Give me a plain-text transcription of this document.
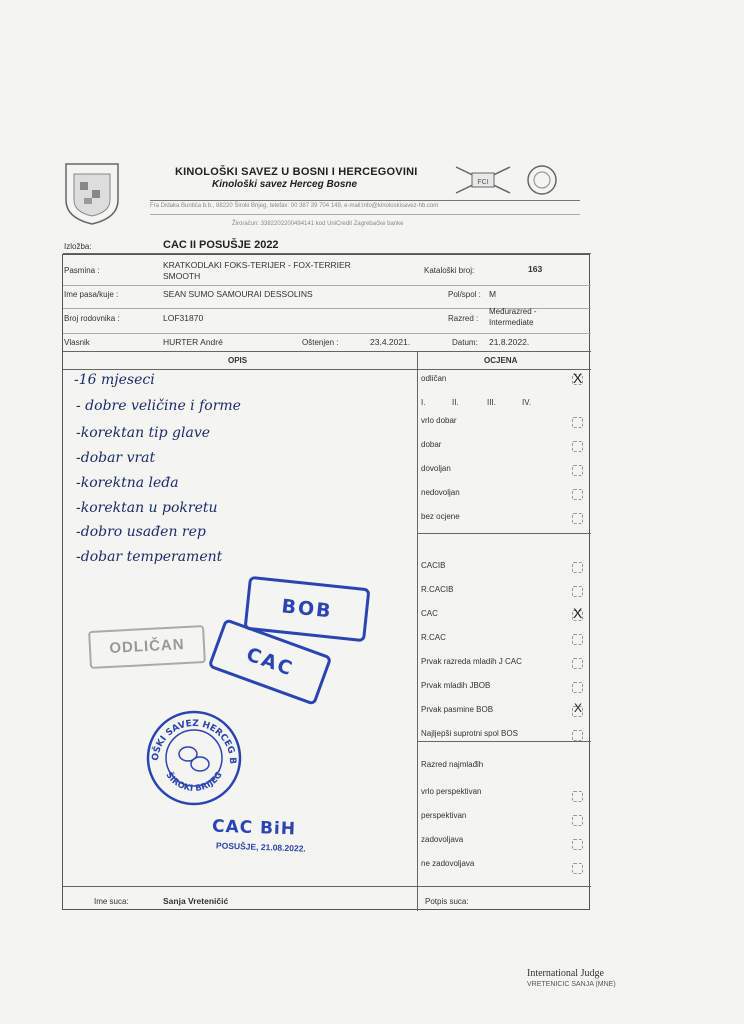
FCI
KINOLOŠKI SAVEZ U BOSNI I HERCEGOVINI
Kinološki savez Herceg Bosne
Fra Didaka Buntića b.b., 88220 Široki Brijeg, telefax: 00 387 39 704 149, e-mail:info@kinoloskisavez-hb.com
Žiroračun: 3382202200494141 kod UniCredit Zagrebačke banke
Izložba:	CAC II POSUŠJE 2022
Pasmina :
KRATKODLAKI FOKS-TERIJER - FOX-TERRIER
SMOOTH
Kataloški broj:	163
Ime pasa/kuje :	SEAN SUMO SAMOURAI DESSOLINS	Pol/spol : M
Broj rodovnika :	LOF31870	Razred :
Međurazred -
Intermediate
Vlasnik	HURTER André	Oštenjen :	23.4.2021.	Datum: 21.8.2022.
OPIS	OCJENA
-16 mjeseci
- dobre veličine i forme
-korektan tip glave
-dobar vrat
-korektna leđa
-korektan u pokretu
-dobro usađen rep
-dobar temperament
odličan	X
I.	II.	III.	IV.
vrlo dobar
dobar
dovoljan
nedovoljan
bez ocjene
CACIB
R.CACIB
CAC	X
R.CAC
Prvak razreda mladih J CAC
Prvak mladih JBOB
Prvak pasmine BOB	X
Najljepši suprotni spol BOS
Razred najmlađih
vrlo perspektivan
perspektivan
zadovoljava
ne zadovoljava
BOB
CAC
ODLIČAN
OŠKI SAVEZ HERCEG B
ŠIROKI BRIJEG
CAC BiH
POSUŠJE, 21.08.2022.
Ime suca:	Sanja Vreteničić	Potpis suca:
International Judge
VRETENICIC SANJA (MNE)
